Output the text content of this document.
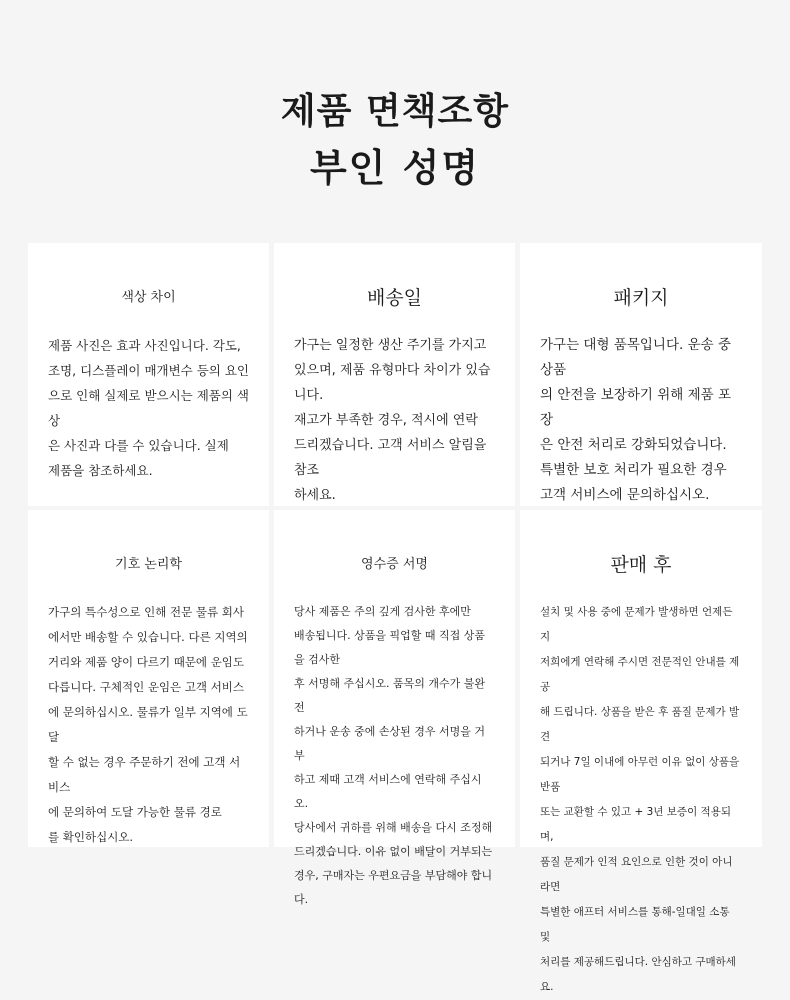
제품 면책조항
부인 성명
색상 차이
제품 사진은 효과 사진입니다. 각도,
조명, 디스플레이 매개변수 등의 요인
으로 인해 실제로 받으시는 제품의 색상
은 사진과 다를 수 있습니다. 실제
제품을 참조하세요.
배송일
가구는 일정한 생산 주기를 가지고
있으며, 제품 유형마다 차이가 있습니다.
재고가 부족한 경우, 적시에 연락
드리겠습니다. 고객 서비스 알림을 참조
하세요.
패키지
가구는 대형 품목입니다. 운송 중 상품
의 안전을 보장하기 위해 제품 포장
은 안전 처리로 강화되었습니다.
특별한 보호 처리가 필요한 경우
고객 서비스에 문의하십시오.
기호 논리학
가구의 특수성으로 인해 전문 물류 회사
에서만 배송할 수 있습니다. 다른 지역의
거리와 제품 양이 다르기 때문에 운임도
다릅니다. 구체적인 운임은 고객 서비스
에 문의하십시오. 물류가 일부 지역에 도달
할 수 없는 경우 주문하기 전에 고객 서비스
에 문의하여 도달 가능한 물류 경로
를 확인하십시오.
영수증 서명
당사 제품은 주의 깊게 검사한 후에만
배송됩니다. 상품을 픽업할 때 직접 상품을 검사한
후 서명해 주십시오. 품목의 개수가 불완전
하거나 운송 중에 손상된 경우 서명을 거부
하고 제때 고객 서비스에 연락해 주십시오.
당사에서 귀하를 위해 배송을 다시 조정해
드리겠습니다. 이유 없이 배달이 거부되는
경우, 구매자는 우편요금을 부담해야 합니다.
판매 후
설치 및 사용 중에 문제가 발생하면 언제든지
저희에게 연락해 주시면 전문적인 안내를 제공
해 드립니다. 상품을 받은 후 품질 문제가 발견
되거나 7일 이내에 아무런 이유 없이 상품을 반품
또는 교환할 수 있고 + 3년 보증이 적용되며,
품질 문제가 인적 요인으로 인한 것이 아니라면
특별한 애프터 서비스를 통해-일대일 소통 및
처리를 제공해드립니다. 안심하고 구매하세요.
